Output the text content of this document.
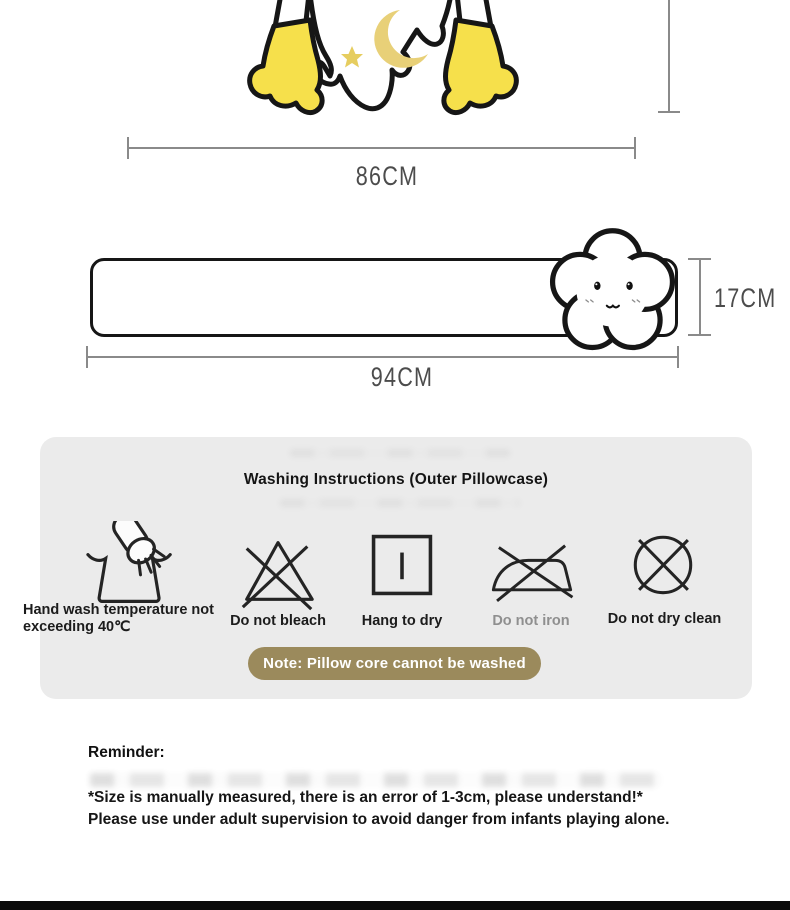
86CM
17CM
94CM
Washing Instructions (Outer Pillowcase)
Hand wash temperature not exceeding 40℃	Do not bleach	Hang to dry	Do not iron	Do not dry clean
Note: Pillow core cannot be washed
Reminder:
*Size is manually measured, there is an error of 1-3cm, please understand!* Please use under adult supervision to avoid danger from infants playing alone.
